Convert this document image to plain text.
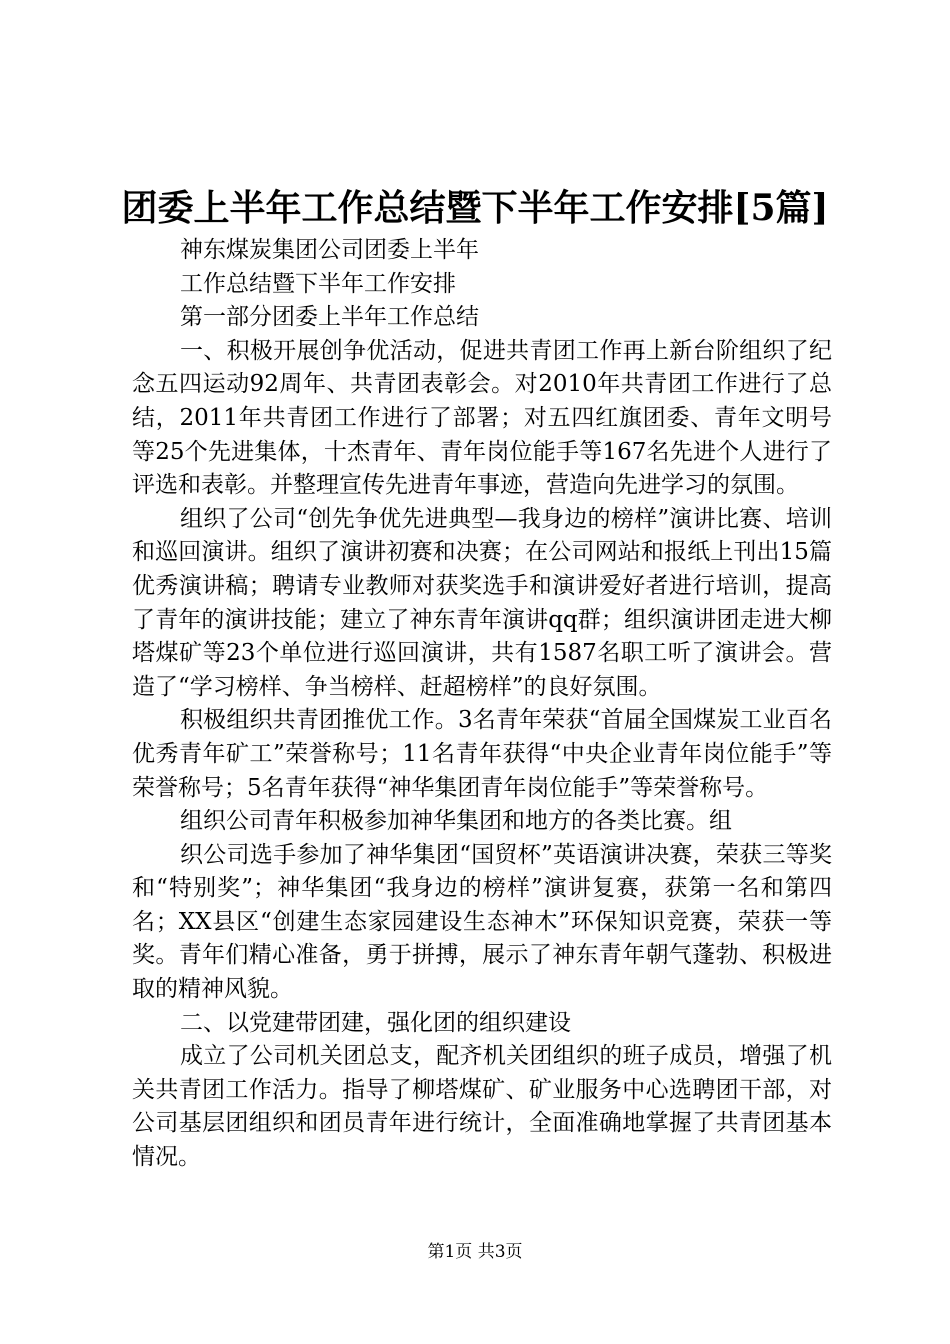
团委上半年工作总结暨下半年工作安排[5篇]

神东煤炭集团公司团委上半年

工作总结暨下半年工作安排

第一部分团委上半年工作总结

一、积极开展创争优活动，促进共青团工作再上新台阶组织了纪念五四运动92周年、共青团表彰会。对2010年共青团工作进行了总结，2011年共青团工作进行了部署；对五四红旗团委、青年文明号等25个先进集体，十杰青年、青年岗位能手等167名先进个人进行了评选和表彰。并整理宣传先进青年事迹，营造向先进学习的氛围。

组织了公司“创先争优先进典型—我身边的榜样”演讲比赛、培训和巡回演讲。组织了演讲初赛和决赛；在公司网站和报纸上刊出15篇优秀演讲稿；聘请专业教师对获奖选手和演讲爱好者进行培训，提高了青年的演讲技能；建立了神东青年演讲qq群；组织演讲团走进大柳塔煤矿等23个单位进行巡回演讲，共有1587名职工听了演讲会。营造了“学习榜样、争当榜样、赶超榜样”的良好氛围。

积极组织共青团推优工作。3名青年荣获“首届全国煤炭工业百名优秀青年矿工”荣誉称号；11名青年获得“中央企业青年岗位能手”等荣誉称号；5名青年获得“神华集团青年岗位能手”等荣誉称号。

组织公司青年积极参加神华集团和地方的各类比赛。组

织公司选手参加了神华集团“国贸杯”英语演讲决赛，荣获三等奖和“特别奖”；神华集团“我身边的榜样”演讲复赛，获第一名和第四名；XX县区“创建生态家园建设生态神木”环保知识竞赛，荣获一等奖。青年们精心准备，勇于拼搏，展示了神东青年朝气蓬勃、积极进取的精神风貌。

二、以党建带团建，强化团的组织建设

成立了公司机关团总支，配齐机关团组织的班子成员，增强了机关共青团工作活力。指导了柳塔煤矿、矿业服务中心选聘团干部，对公司基层团组织和团员青年进行统计，全面准确地掌握了共青团基本情况。

第1页 共3页
